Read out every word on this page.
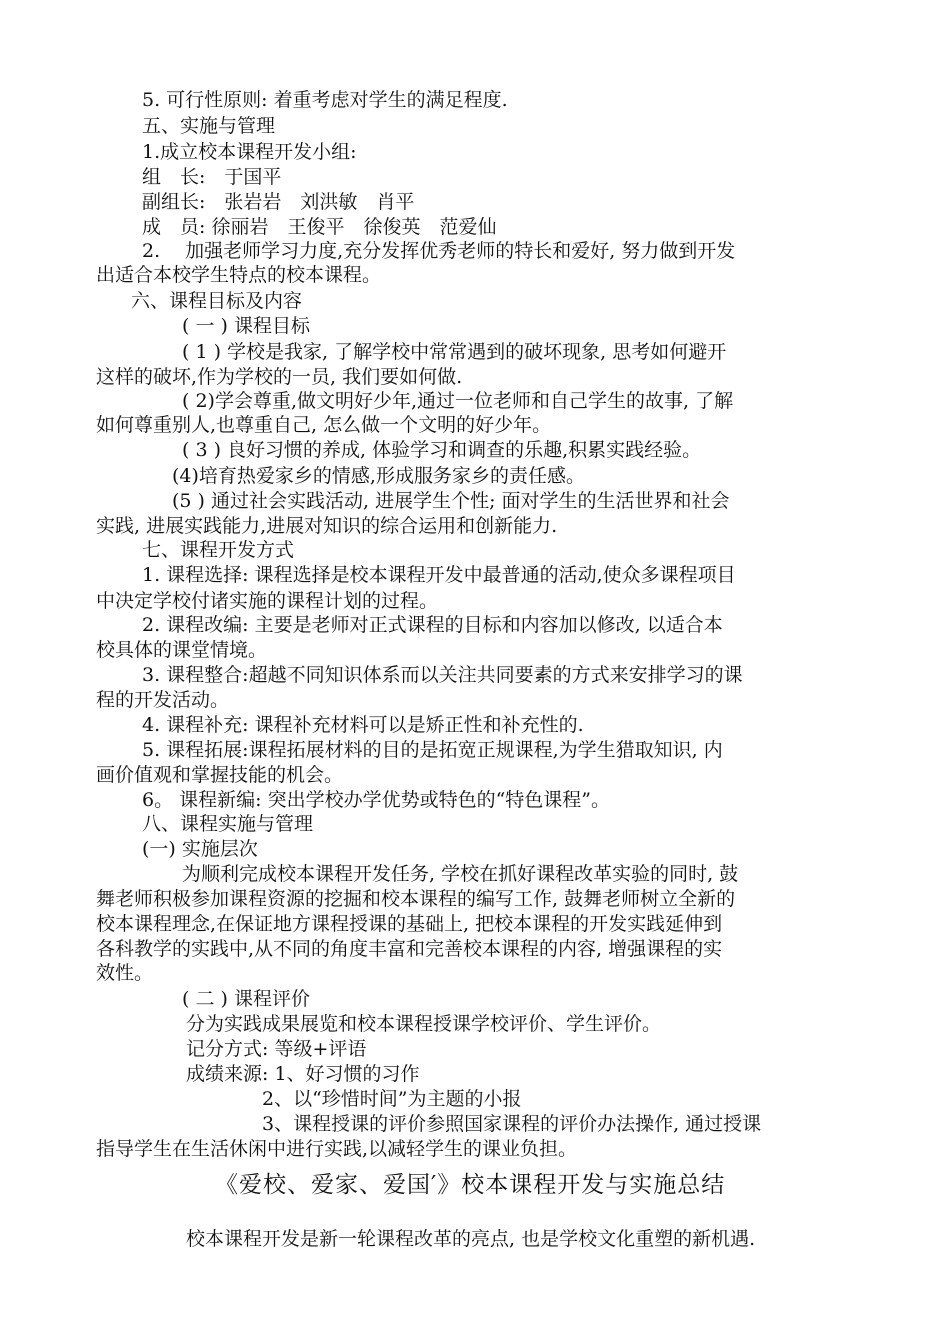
5. 可行性原则: 着重考虑对学生的满足程度.
五、实施与管理
1.成立校本课程开发小组:
组　长:　于国平
副组长:　张岩岩　刘洪敏　肖平
成　员: 徐丽岩　王俊平　徐俊英　范爱仙
2.　 加强老师学习力度,充分发挥优秀老师的特长和爱好, 努力做到开发
出适合本校学生特点的校本课程。
六、课程目标及内容
( 一 ) 课程目标
( 1 ) 学校是我家, 了解学校中常常遇到的破坏现象, 思考如何避开
这样的破坏,作为学校的一员, 我们要如何做.
( 2)学会尊重,做文明好少年,通过一位老师和自己学生的故事, 了解
如何尊重别人,也尊重自己, 怎么做一个文明的好少年。
( 3 ) 良好习惯的养成, 体验学习和调查的乐趣,积累实践经验。
(4)培育热爱家乡的情感,形成服务家乡的责任感。
(5 ) 通过社会实践活动, 进展学生个性; 面对学生的生活世界和社会
实践, 进展实践能力,进展对知识的综合运用和创新能力.
七、课程开发方式
1. 课程选择: 课程选择是校本课程开发中最普通的活动,使众多课程项目
中决定学校付诸实施的课程计划的过程。
2. 课程改编: 主要是老师对正式课程的目标和内容加以修改, 以适合本
校具体的课堂情境。
3. 课程整合:超越不同知识体系而以关注共同要素的方式来安排学习的课
程的开发活动。
4. 课程补充: 课程补充材料可以是矫正性和补充性的.
5. 课程拓展:课程拓展材料的目的是拓宽正规课程,为学生猎取知识, 内
画价值观和掌握技能的机会。
6。 课程新编: 突出学校办学优势或特色的“特色课程”。
八、课程实施与管理
(一) 实施层次
为顺利完成校本课程开发任务, 学校在抓好课程改革实验的同时, 鼓
舞老师积极参加课程资源的挖掘和校本课程的编写工作, 鼓舞老师树立全新的
校本课程理念,在保证地方课程授课的基础上, 把校本课程的开发实践延伸到
各科教学的实践中,从不同的角度丰富和完善校本课程的内容, 增强课程的实
效性。
( 二 ) 课程评价
分为实践成果展览和校本课程授课学校评价、学生评价。
记分方式: 等级+评语
成绩来源: 1、好习惯的习作
2、以“珍惜时间”为主题的小报
3、课程授课的评价参照国家课程的评价办法操作, 通过授课
指导学生在生活休闲中进行实践,以减轻学生的课业负担。
《爱校、爱家、爱国′》校本课程开发与实施总结
校本课程开发是新一轮课程改革的亮点, 也是学校文化重塑的新机遇.
